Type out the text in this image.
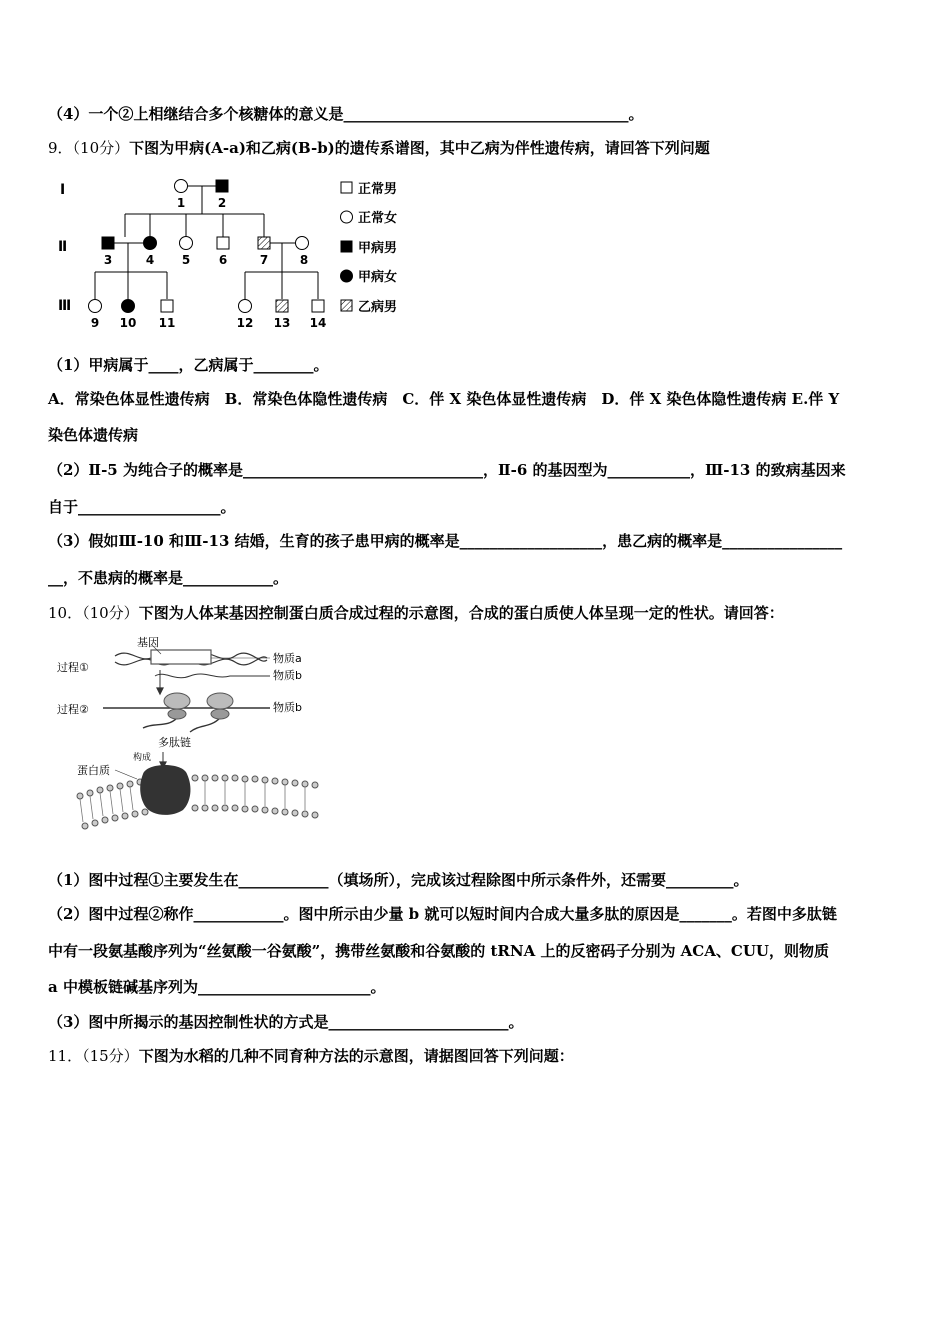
（4）一个②上相继结合多个核糖体的意义是______________________________________。
9．（10分）下图为甲病(A-a)和乙病(B-b)的遗传系谱图，其中乙病为伴性遗传病，请回答下列问题
Ⅰ
Ⅱ
Ⅲ
1	2
3	4 5 6	7	8
9 10 11	12 13 14
正常男
正常女
甲病男
甲病女
乙病男
（1）甲病属于____，乙病属于________。
A．常染色体显性遗传病　B．常染色体隐性遗传病　C．伴 X 染色体显性遗传病　D．伴 X 染色体隐性遗传病 E.伴 Y
染色体遗传病
（2）Ⅱ-5 为纯合子的概率是________________________________，Ⅱ-6 的基因型为___________，Ⅲ-13 的致病基因来
自于___________________。
（3）假如Ⅲ-10 和Ⅲ-13 结婚，生育的孩子患甲病的概率是___________________，患乙病的概率是________________
__，不患病的概率是____________。
10．（10分）下图为人体某基因控制蛋白质合成过程的示意图，合成的蛋白质使人体呈现一定的性状。请回答：
基因
过程①
过程②
物质a
物质b
物质b
多肽链
构成
蛋白质
（1）图中过程①主要发生在____________（填场所），完成该过程除图中所示条件外，还需要_________。
（2）图中过程②称作____________。图中所示由少量 b 就可以短时间内合成大量多肽的原因是_______。若图中多肽链
中有一段氨基酸序列为“丝氨酸一谷氨酸”，携带丝氨酸和谷氨酸的 tRNA 上的反密码子分别为 ACA、CUU，则物质
a 中模板链碱基序列为_______________________。
（3）图中所揭示的基因控制性状的方式是________________________。
11．（15分）下图为水稻的几种不同育种方法的示意图，请据图回答下列问题：
